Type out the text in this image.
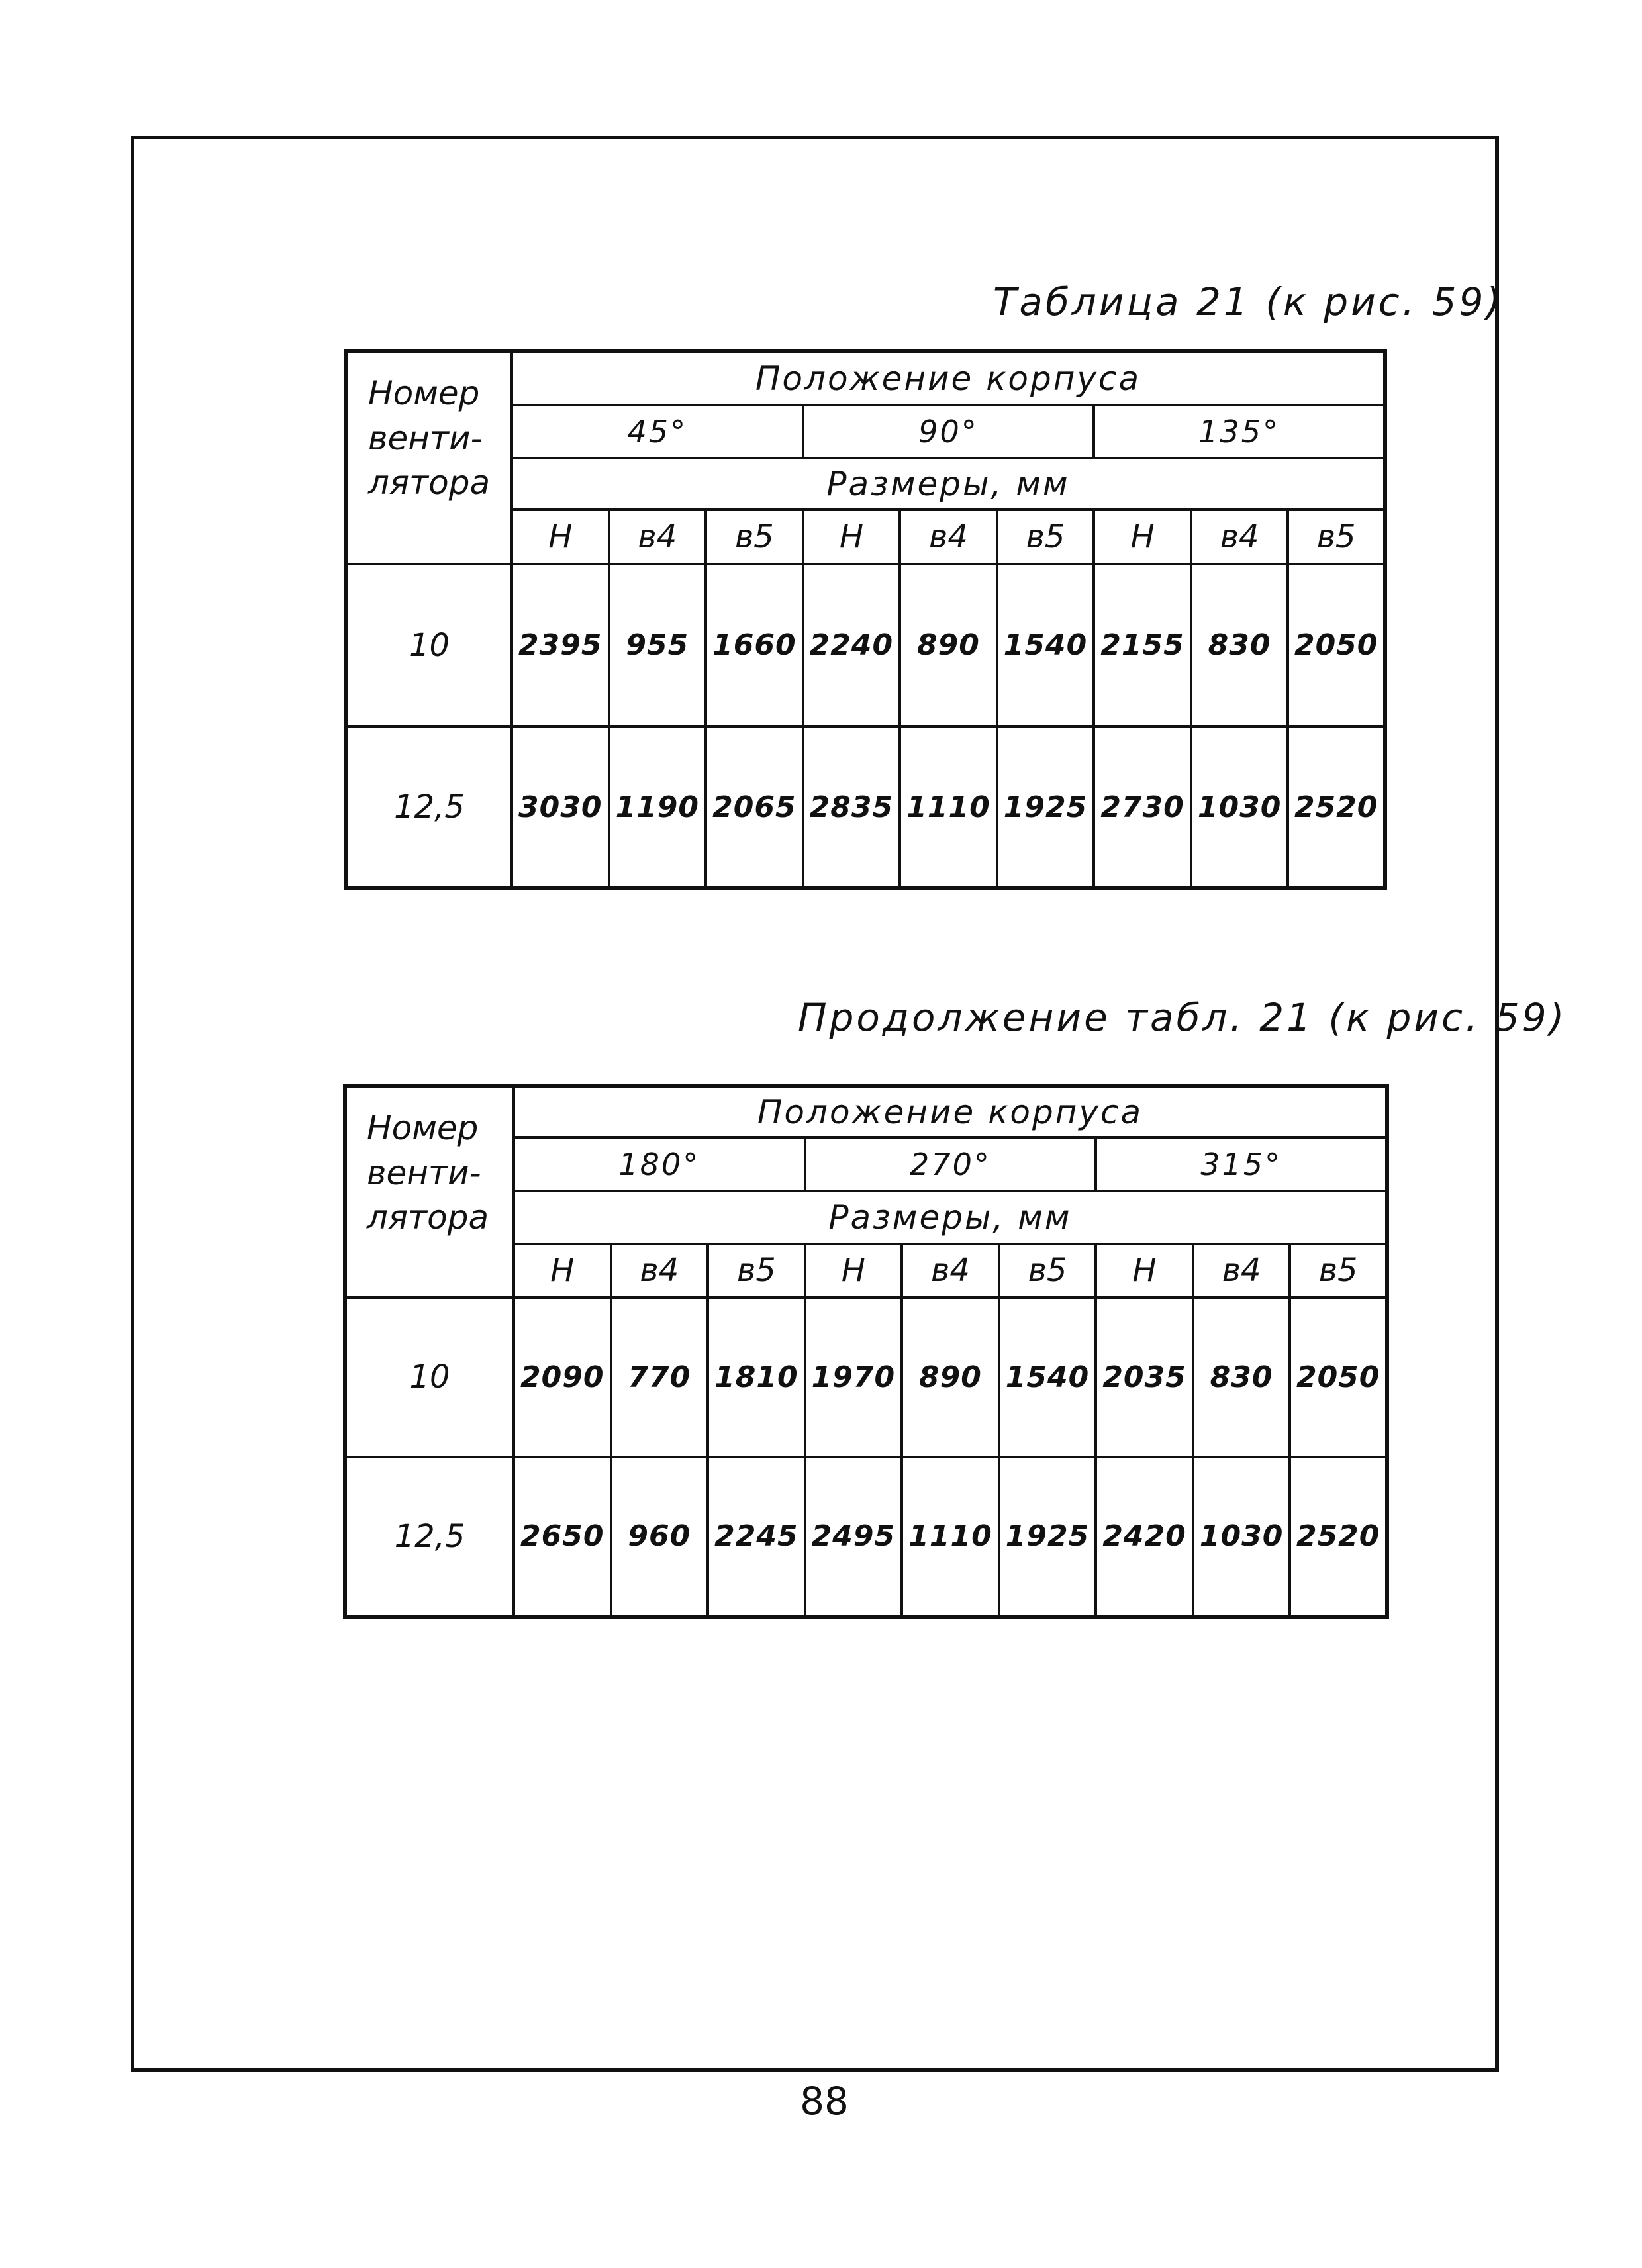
Таблица 21 (к рис. 59)
Номер венти-лятора	Положение корпуса								
	45°			90°			135°		
	Размеры, мм								
	H	в4	в5	H	в4	в5	H	в4	в5
10	2395	955	1660	2240	890	1540	2155	830	2050
12,5	3030	1190	2065	2835	1110	1925	2730	1030	2520
Продолжение табл. 21 (к рис. 59)
Номер венти-лятора	Положение корпуса								
	180°			270°			315°		
	Размеры, мм								
	H	в4	в5	H	в4	в5	H	в4	в5
10	2090	770	1810	1970	890	1540	2035	830	2050
12,5	2650	960	2245	2495	1110	1925	2420	1030	2520
88
